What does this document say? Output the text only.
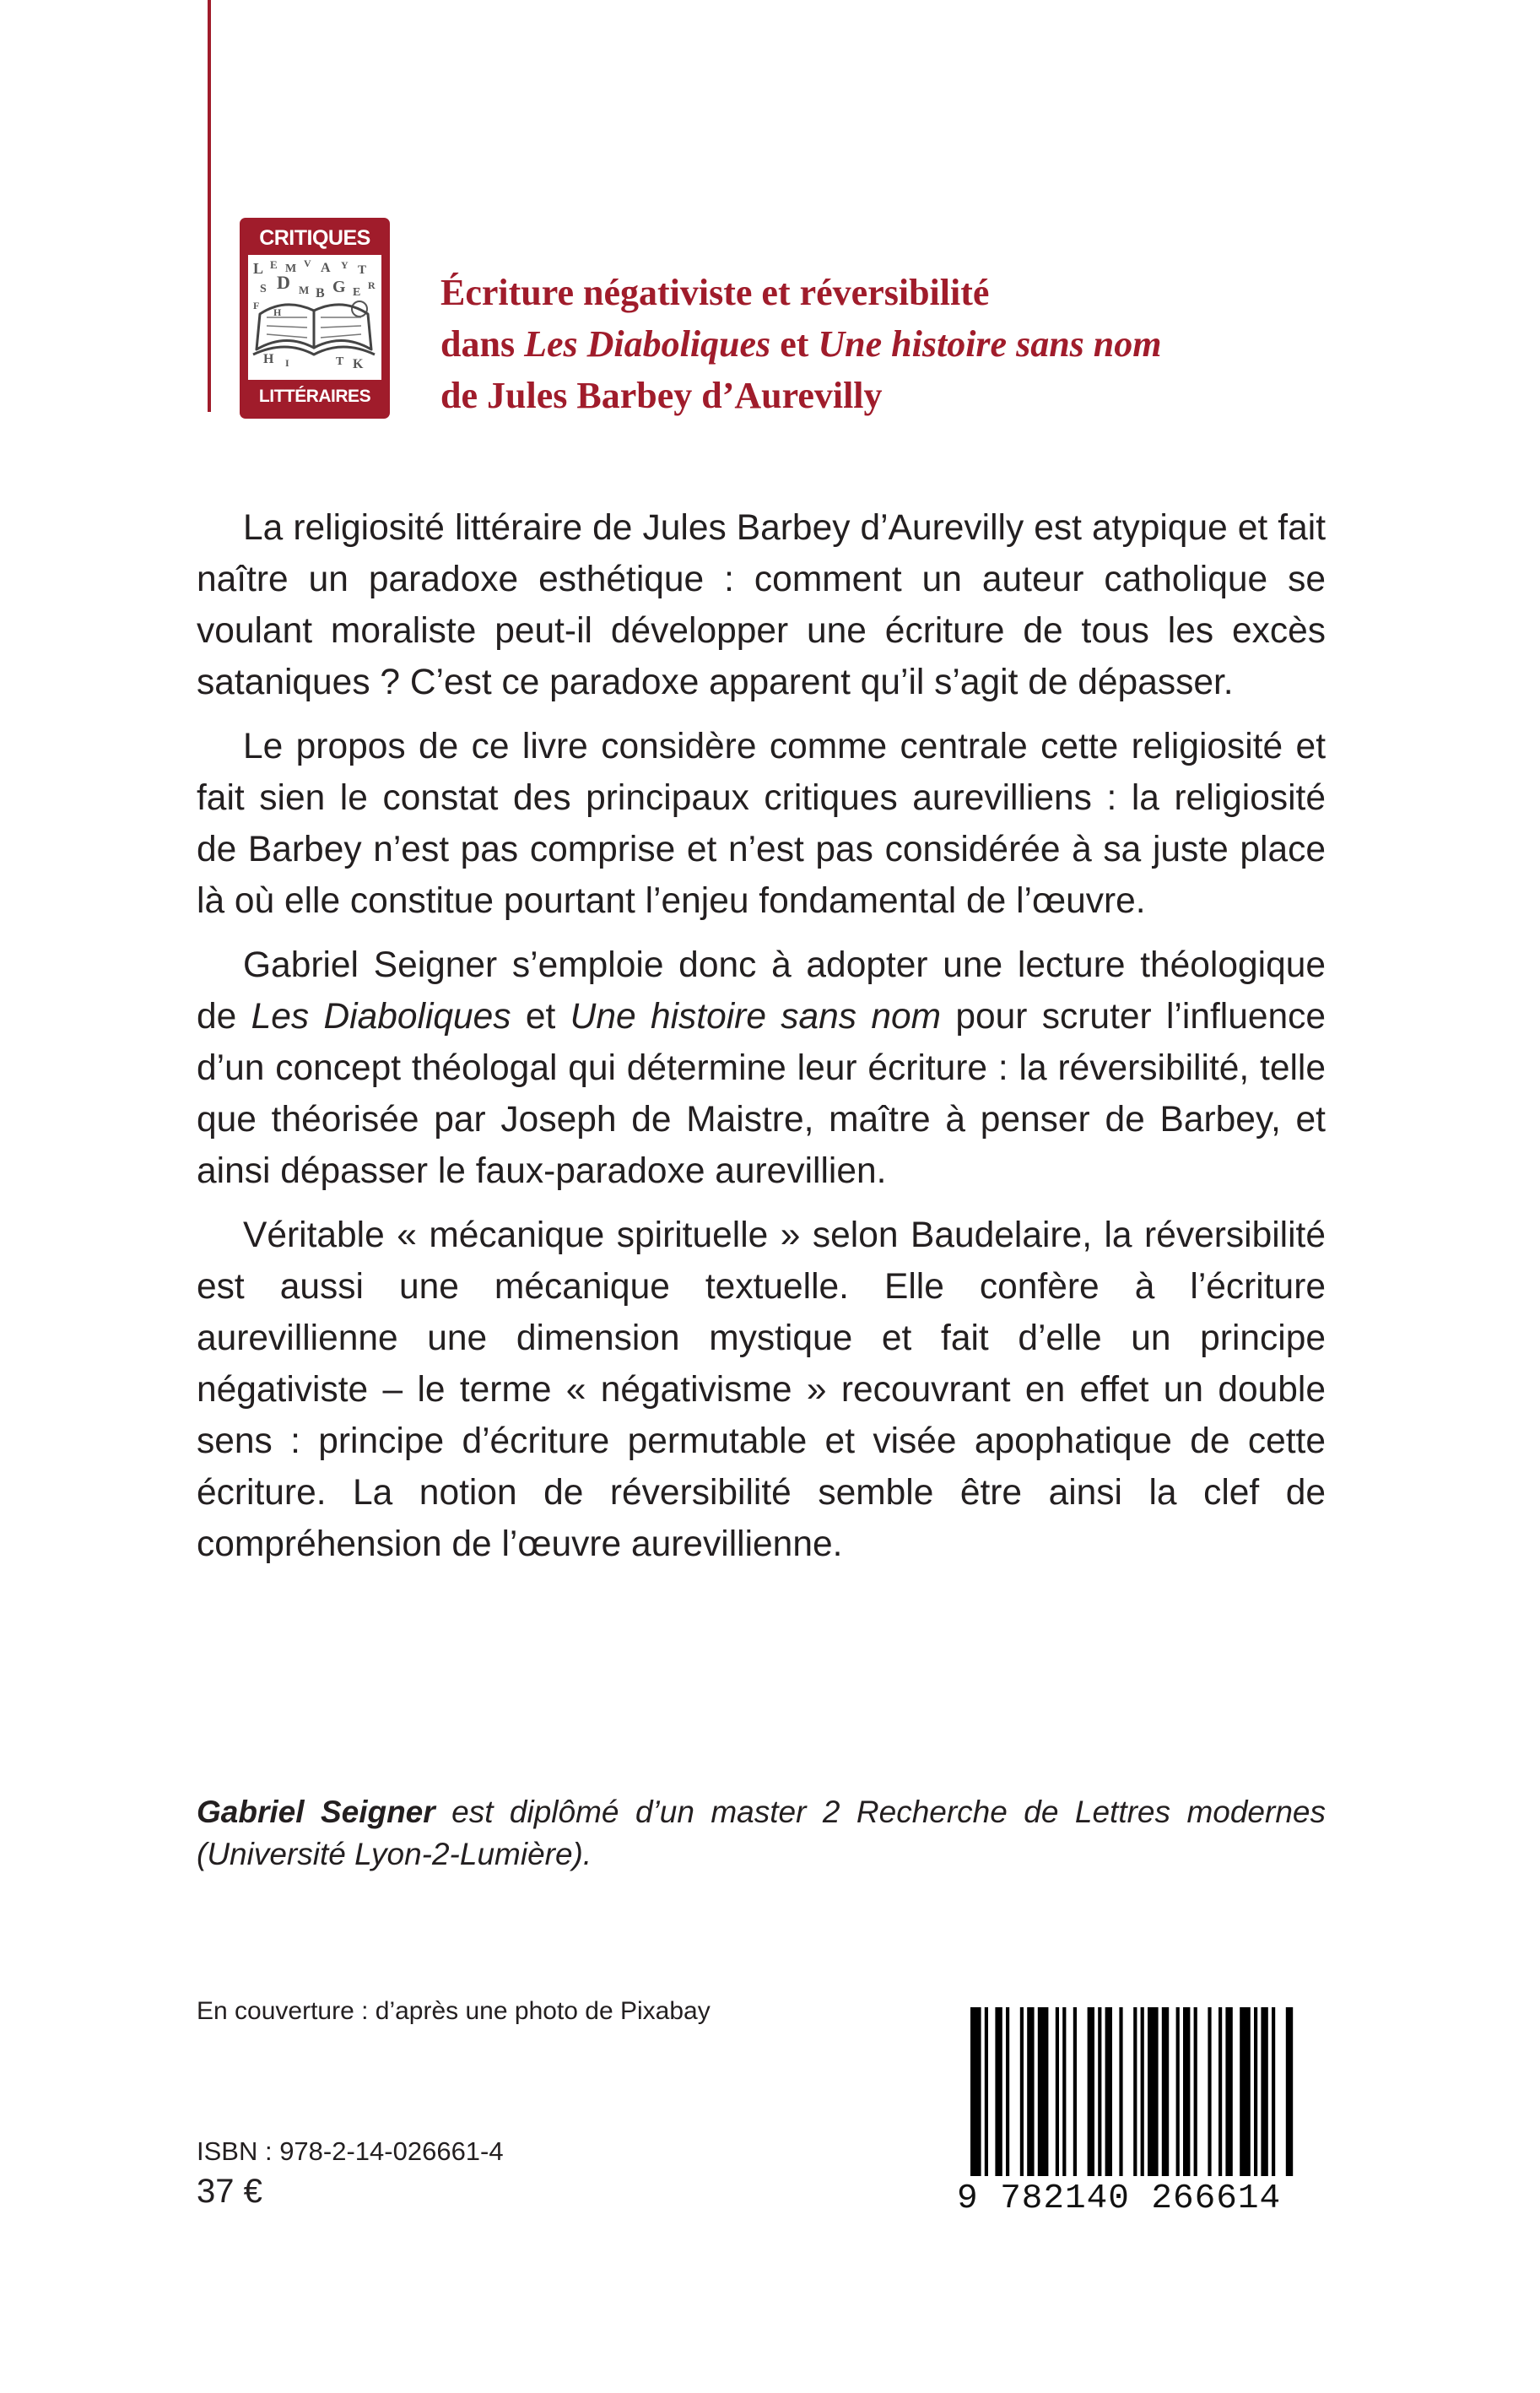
CRITIQUES
L E M V A Y T
S D M B G E
R
F
H
H I	T K
LITTÉRAIRES
Écriture négativiste et réversibilité
dans Les Diaboliques et Une histoire sans nom
de Jules Barbey d’Aurevilly

La religiosité littéraire de Jules Barbey d’Aurevilly est atypique et fait naître un paradoxe esthétique : comment un auteur catholique se voulant moraliste peut-il développer une écriture de tous les excès sataniques ? C’est ce paradoxe apparent qu’il s’agit de dépasser.

Le propos de ce livre considère comme centrale cette religiosité et fait sien le constat des principaux critiques aurevilliens : la religiosité de Barbey n’est pas comprise et n’est pas considérée à sa juste place là où elle constitue pourtant l’enjeu fondamental de l’œuvre.

Gabriel Seigner s’emploie donc à adopter une lecture théologique de Les Diaboliques et Une histoire sans nom pour scruter l’influence d’un concept théologal qui détermine leur écriture : la réversibilité, telle que théorisée par Joseph de Maistre, maître à penser de Barbey, et ainsi dépasser le faux-paradoxe aurevillien.

Véritable « mécanique spirituelle » selon Baudelaire, la réversibilité est aussi une mécanique textuelle. Elle confère à l’écriture aurevillienne une dimension mystique et fait d’elle un principe négativiste – le terme « négativisme » recouvrant en effet un double sens : principe d’écriture permutable et visée apophatique de cette écriture. La notion de réversibilité semble être ainsi la clef de compréhension de l’œuvre aurevillienne.

Gabriel Seigner est diplômé d’un master 2 Recherche de Lettres modernes (Université Lyon-2-Lumière).
En couverture : d’après une photo de Pixabay
ISBN : 978-2-14-026661-4
37 €	9 782140 266614
